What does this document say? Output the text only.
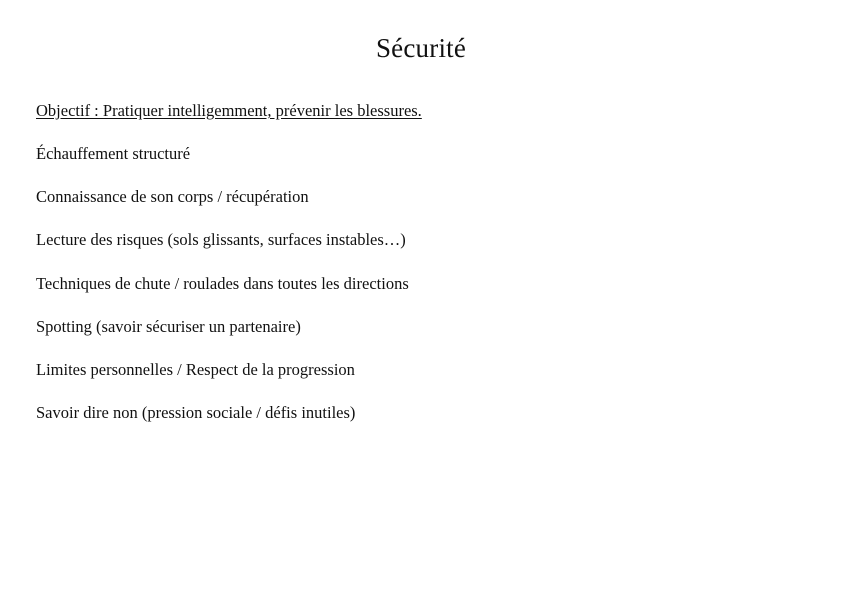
Sécurité

Objectif : Pratiquer intelligemment, prévenir les blessures.

Échauffement structuré
Connaissance de son corps / récupération
Lecture des risques (sols glissants, surfaces instables…)
Techniques de chute / roulades dans toutes les directions
Spotting (savoir sécuriser un partenaire)
Limites personnelles / Respect de la progression
Savoir dire non (pression sociale / défis inutiles)
